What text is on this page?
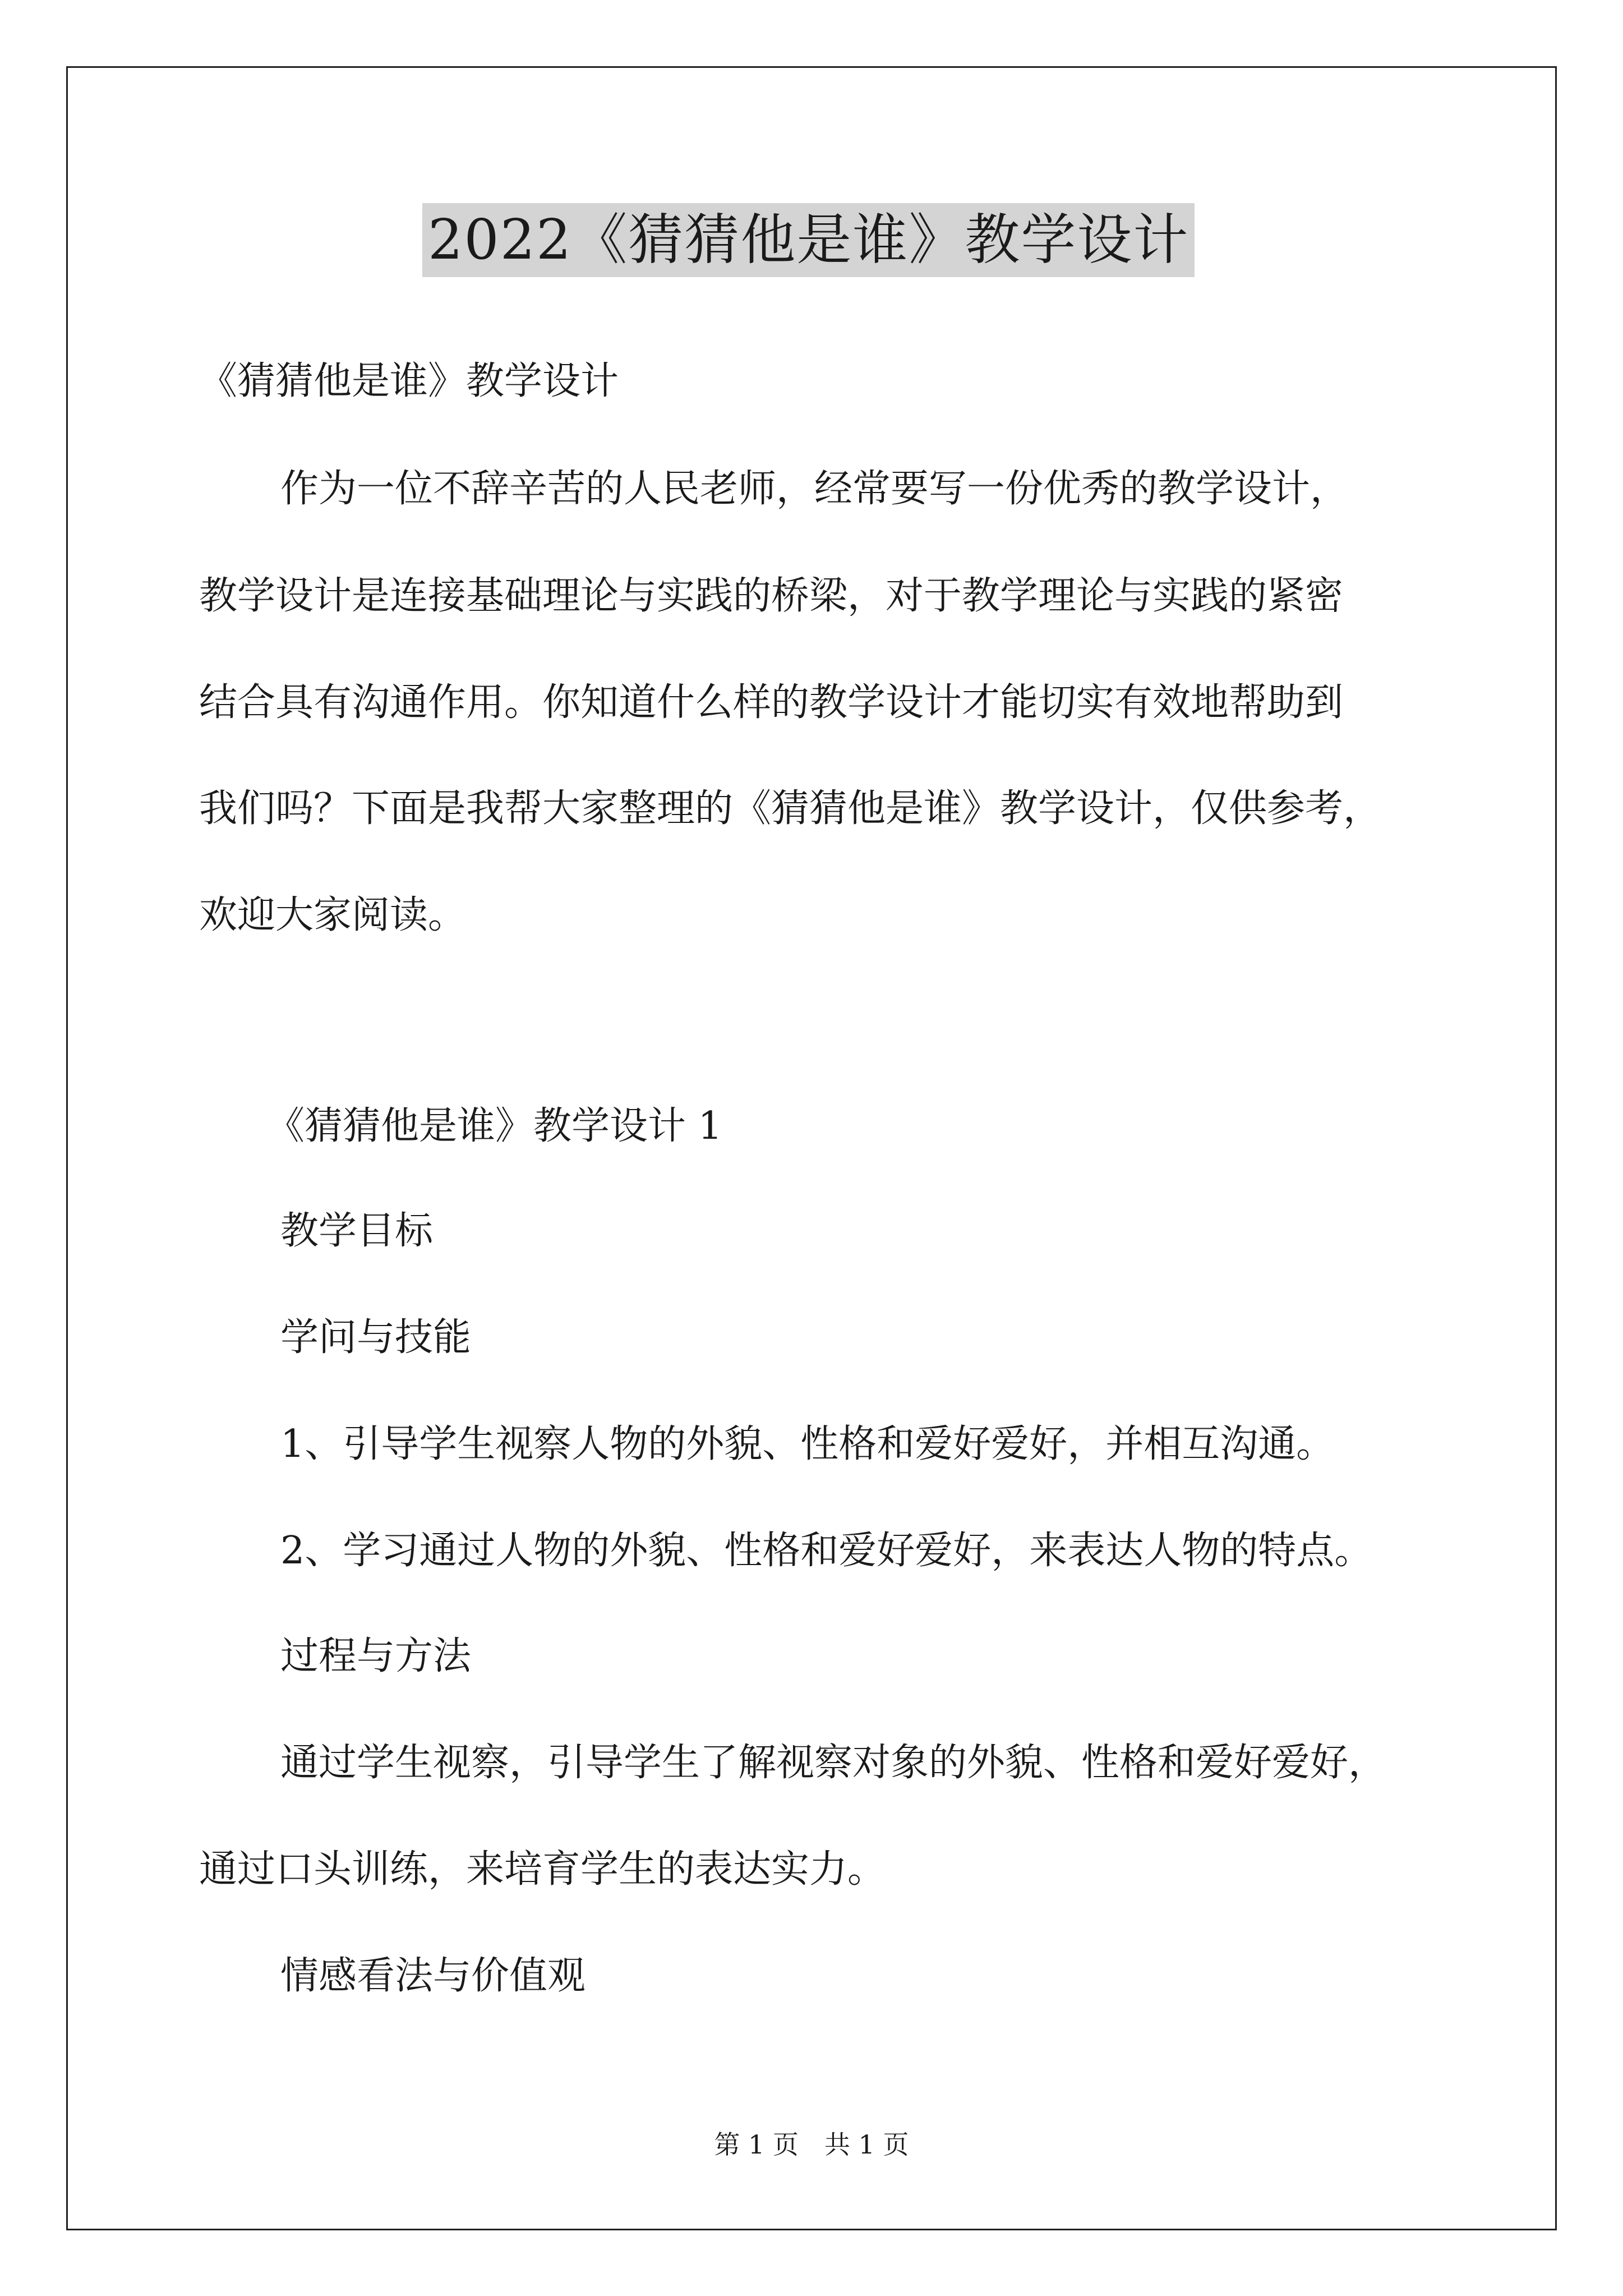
2022《猜猜他是谁》教学设计
《猜猜他是谁》教学设计
作为一位不辞辛苦的人民老师，经常要写一份优秀的教学设计，
教学设计是连接基础理论与实践的桥梁，对于教学理论与实践的紧密
结合具有沟通作用。你知道什么样的教学设计才能切实有效地帮助到
我们吗？下面是我帮大家整理的《猜猜他是谁》教学设计，仅供参考，
欢迎大家阅读。
《猜猜他是谁》教学设计 1
教学目标
学问与技能
1、引导学生视察人物的外貌、性格和爱好爱好，并相互沟通。
2、学习通过人物的外貌、性格和爱好爱好，来表达人物的特点。
过程与方法
通过学生视察，引导学生了解视察对象的外貌、性格和爱好爱好，
通过口头训练，来培育学生的表达实力。
情感看法与价值观
第 1 页　共 1 页
